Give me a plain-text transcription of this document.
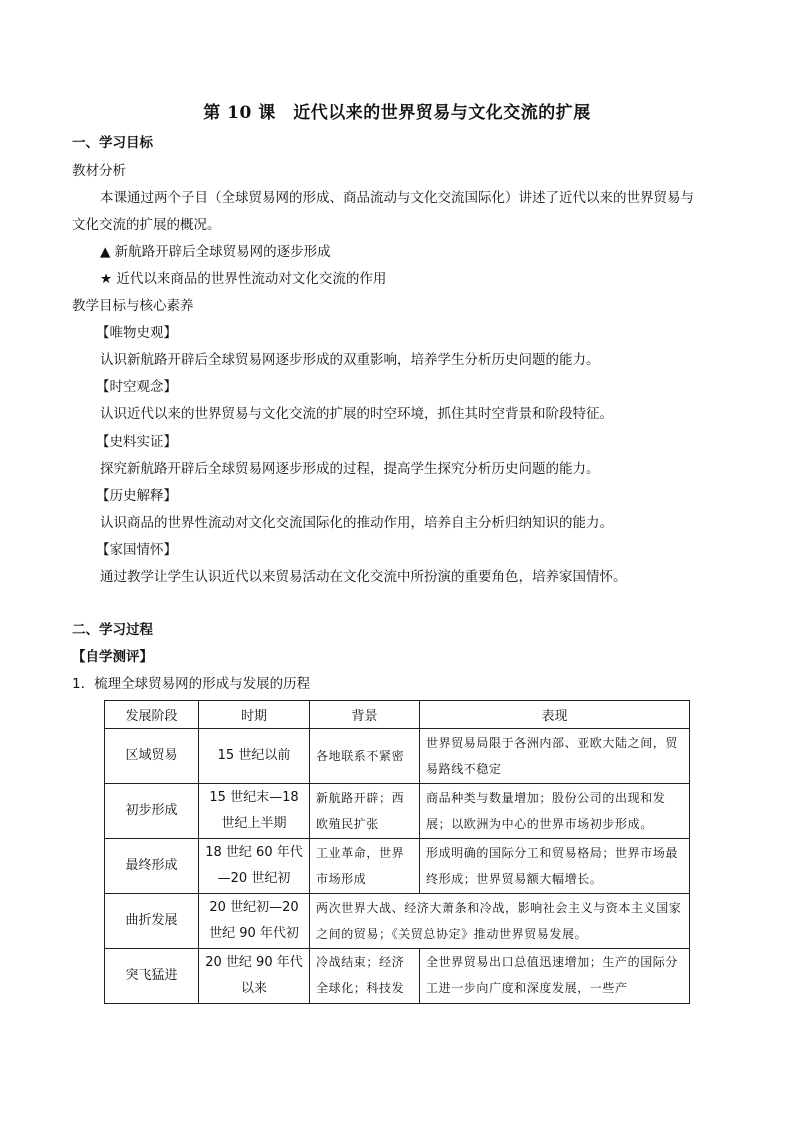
第 10 课　近代以来的世界贸易与文化交流的扩展
一、学习目标
教材分析
本课通过两个子目（全球贸易网的形成、商品流动与文化交流国际化）讲述了近代以来的世界贸易与
文化交流的扩展的概况。
▲ 新航路开辟后全球贸易网的逐步形成
★ 近代以来商品的世界性流动对文化交流的作用
教学目标与核心素养
【唯物史观】
认识新航路开辟后全球贸易网逐步形成的双重影响，培养学生分析历史问题的能力。
【时空观念】
认识近代以来的世界贸易与文化交流的扩展的时空环境，抓住其时空背景和阶段特征。
【史料实证】
探究新航路开辟后全球贸易网逐步形成的过程，提高学生探究分析历史问题的能力。
【历史解释】
认识商品的世界性流动对文化交流国际化的推动作用，培养自主分析归纳知识的能力。
【家国情怀】
通过教学让学生认识近代以来贸易活动在文化交流中所扮演的重要角色，培养家国情怀。
二、学习过程
【自学测评】
1．梳理全球贸易网的形成与发展的历程
发展阶段	时期	背景	表现
区域贸易	15 世纪以前	各地联系不紧密	世界贸易局限于各洲内部、亚欧大陆之间，贸易路线不稳定
初步形成	15 世纪末—18
世纪上半期	新航路开辟；西欧殖民扩张	商品种类与数量增加；股份公司的出现和发展；以欧洲为中心的世界市场初步形成。
最终形成	18 世纪 60 年代
—20 世纪初	工业革命，世界市场形成	形成明确的国际分工和贸易格局；世界市场最终形成；世界贸易额大幅增长。
曲折发展	20 世纪初—20
世纪 90 年代初	两次世界大战、经济大萧条和冷战，影响社会主义与资本主义国家之间的贸易；《关贸总协定》推动世界贸易发展。	
突飞猛进	20 世纪 90 年代
以来	冷战结束；经济全球化；科技发	全世界贸易出口总值迅速增加；生产的国际分工进一步向广度和深度发展，一些产
